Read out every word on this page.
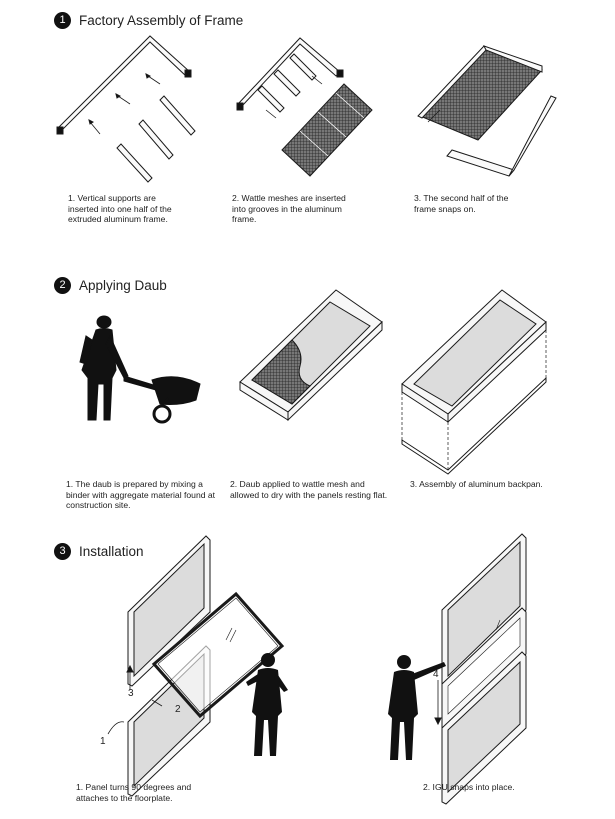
1 Factory Assembly of Frame
1
2
3
4
1. Vertical supports are inserted into one half of the extruded aluminum frame.
2. Wattle meshes are inserted into grooves in the aluminum frame.
3. The second half of the frame snaps on.
2 Applying Daub
1. The daub is prepared by mixing a binder with aggregate material found at construction site.
2. Daub applied to wattle mesh and allowed to dry with the panels resting flat.
3. Assembly of aluminum backpan.
3 Installation
1. Panel turns 90 degrees and attaches to the floorplate.
2. IGU snaps into place.
